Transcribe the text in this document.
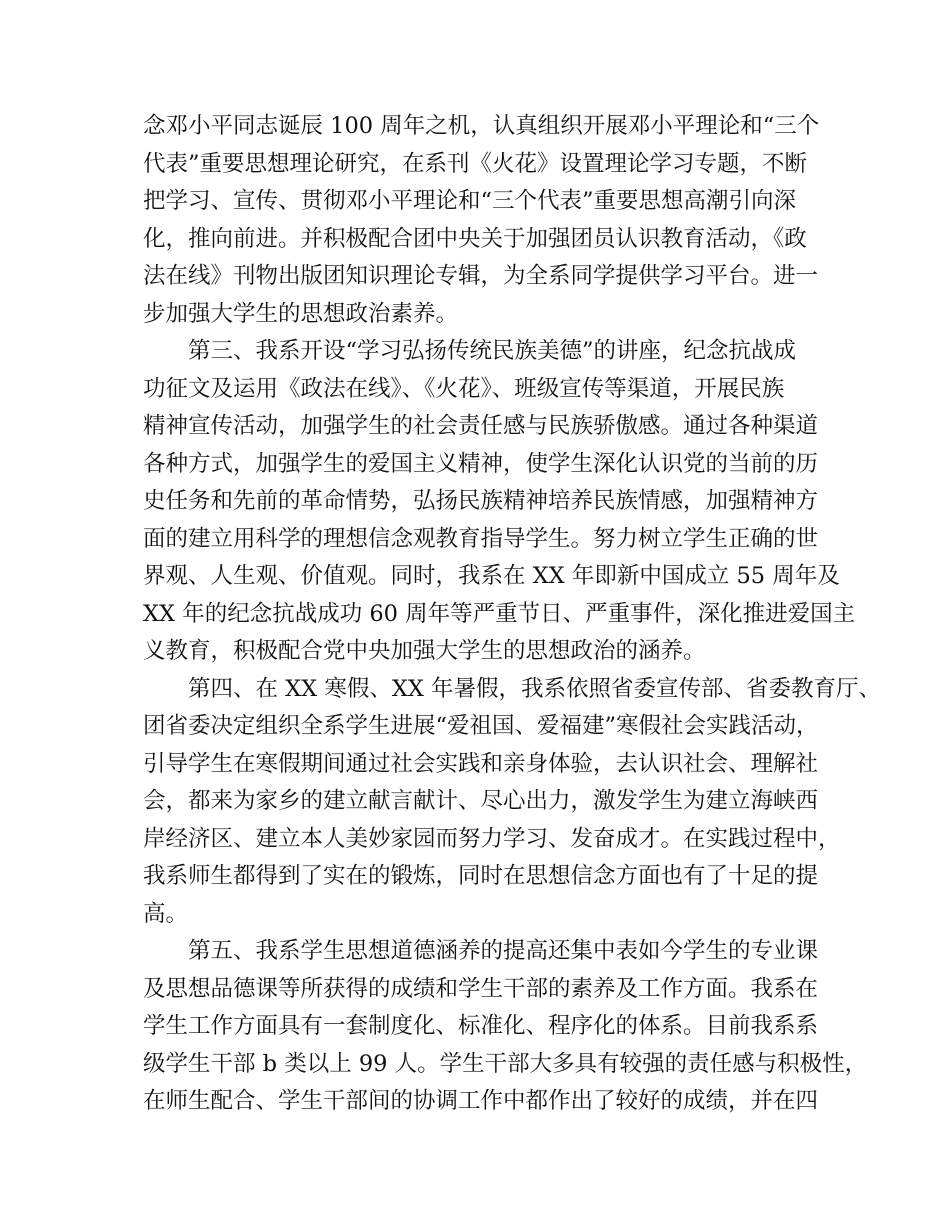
念邓小平同志诞辰 100 周年之机，认真组织开展邓小平理论和“三个
代表”重要思想理论研究，在系刊《火花》设置理论学习专题，不断
把学习、宣传、贯彻邓小平理论和“三个代表”重要思想高潮引向深
化，推向前进。并积极配合团中央关于加强团员认识教育活动，《政
法在线》刊物出版团知识理论专辑，为全系同学提供学习平台。进一
步加强大学生的思想政治素养。
第三、我系开设“学习弘扬传统民族美德”的讲座，纪念抗战成
功征文及运用《政法在线》、《火花》、班级宣传等渠道，开展民族
精神宣传活动，加强学生的社会责任感与民族骄傲感。通过各种渠道
各种方式，加强学生的爱国主义精神，使学生深化认识党的当前的历
史任务和先前的革命情势，弘扬民族精神培养民族情感，加强精神方
面的建立用科学的理想信念观教育指导学生。努力树立学生正确的世
界观、人生观、价值观。同时，我系在 XX 年即新中国成立 55 周年及
XX 年的纪念抗战成功 60 周年等严重节日、严重事件，深化推进爱国主
义教育，积极配合党中央加强大学生的思想政治的涵养。
第四、在 XX 寒假、XX 年暑假，我系依照省委宣传部、省委教育厅、
团省委决定组织全系学生进展“爱祖国、爱福建”寒假社会实践活动，
引导学生在寒假期间通过社会实践和亲身体验，去认识社会、理解社
会，都来为家乡的建立献言献计、尽心出力，激发学生为建立海峡西
岸经济区、建立本人美妙家园而努力学习、发奋成才。在实践过程中，
我系师生都得到了实在的锻炼，同时在思想信念方面也有了十足的提
高。
第五、我系学生思想道德涵养的提高还集中表如今学生的专业课
及思想品德课等所获得的成绩和学生干部的素养及工作方面。我系在
学生工作方面具有一套制度化、标准化、程序化的体系。目前我系系
级学生干部 b 类以上 99 人。学生干部大多具有较强的责任感与积极性，
在师生配合、学生干部间的协调工作中都作出了较好的成绩，并在四
